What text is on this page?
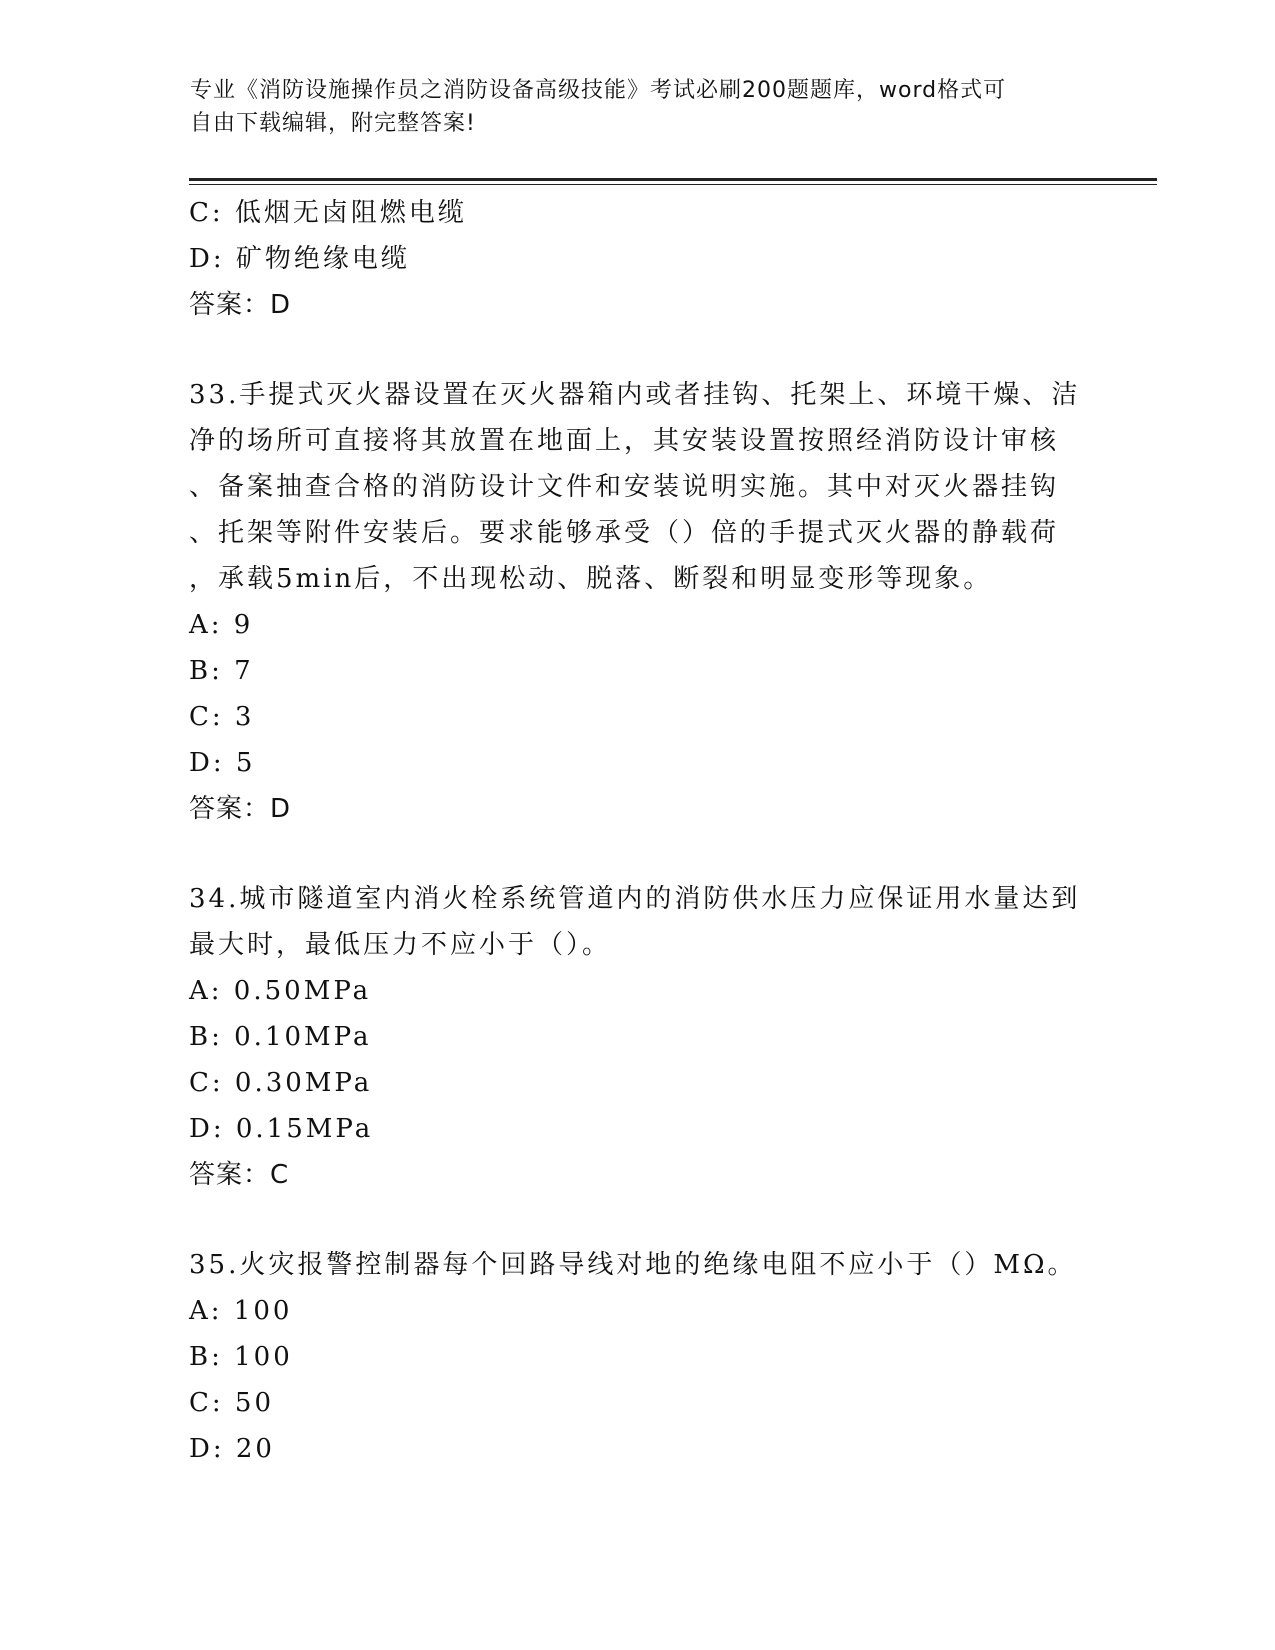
专业《消防设施操作员之消防设备高级技能》考试必刷200题题库，word格式可
自由下载编辑，附完整答案!
C: 低烟无卤阻燃电缆
D: 矿物绝缘电缆
答案：D
33.手提式灭火器设置在灭火器箱内或者挂钩、托架上、环境干燥、洁
净的场所可直接将其放置在地面上，其安装设置按照经消防设计审核
、备案抽查合格的消防设计文件和安装说明实施。其中对灭火器挂钩
、托架等附件安装后。要求能够承受（）倍的手提式灭火器的静载荷
，承载5min后，不出现松动、脱落、断裂和明显变形等现象。
A: 9
B: 7
C: 3
D: 5
答案：D
34.城市隧道室内消火栓系统管道内的消防供水压力应保证用水量达到
最大时，最低压力不应小于（）。
A: 0.50MPa
B: 0.10MPa
C: 0.30MPa
D: 0.15MPa
答案：C
35.火灾报警控制器每个回路导线对地的绝缘电阻不应小于（）MΩ。
A: 100
B: 100
C: 50
D: 20
